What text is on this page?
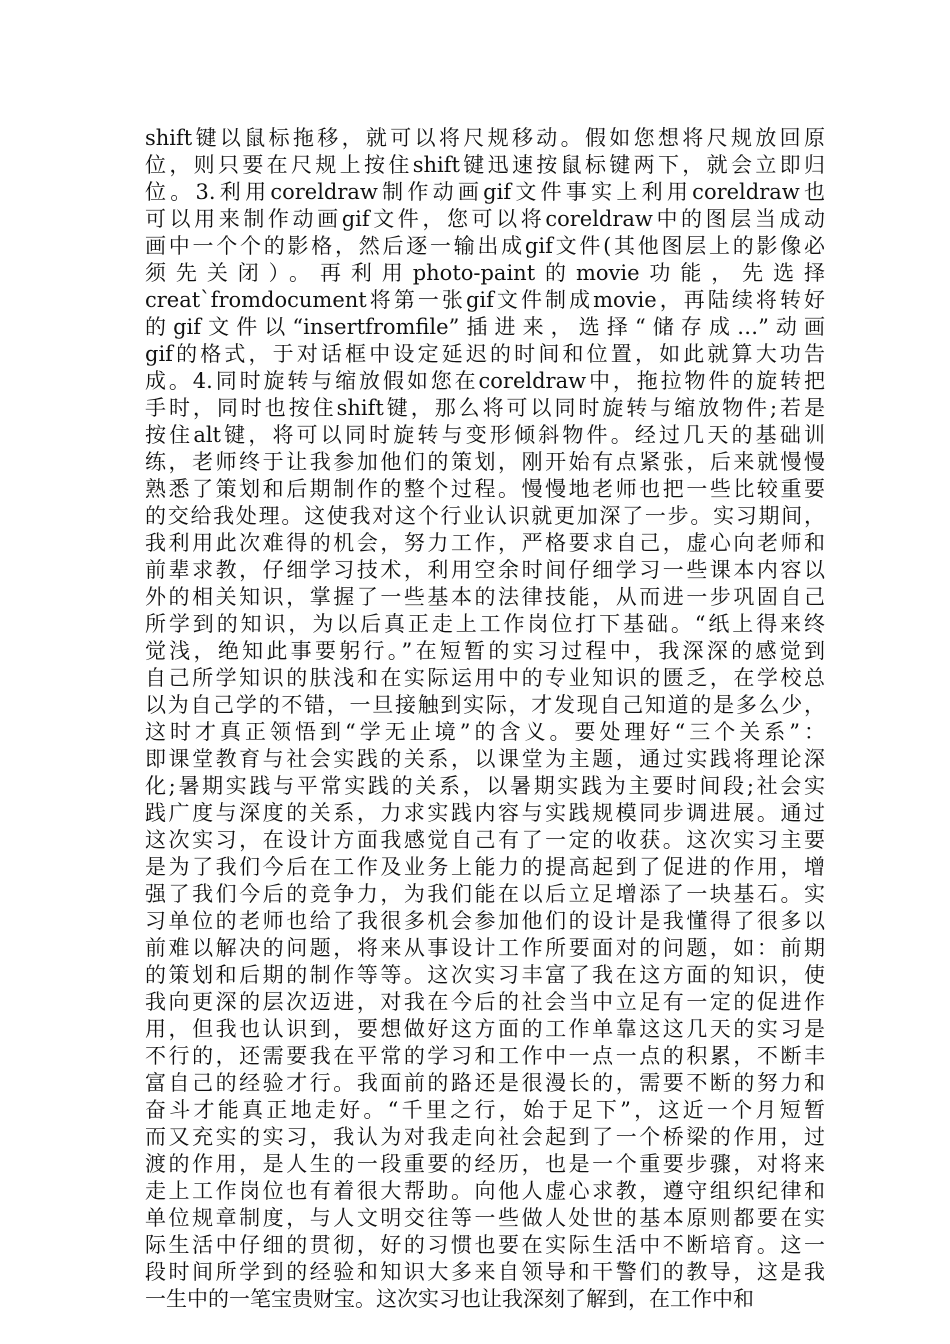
shift键以鼠标拖移，就可以将尺规移动。假如您想将尺规放回原
位，则只要在尺规上按住shift键迅速按鼠标键两下，就会立即归
位。3.利用coreldraw制作动画gif文件事实上利用coreldraw也
可以用来制作动画gif文件，您可以将coreldraw中的图层当成动
画中一个个的影格，然后逐一输出成gif文件(其他图层上的影像必
须先关闭）。再利用photo-paint的movie功能，先选择
creat`fromdocument将第一张gif文件制成movie，再陆续将转好
的gif文件以“insertfromfile”插进来，选择“储存成…”动画
gif的格式，于对话框中设定延迟的时间和位置，如此就算大功告
成。4.同时旋转与缩放假如您在coreldraw中，拖拉物件的旋转把
手时，同时也按住shift键，那么将可以同时旋转与缩放物件;若是
按住alt键，将可以同时旋转与变形倾斜物件。经过几天的基础训
练，老师终于让我参加他们的策划，刚开始有点紧张，后来就慢慢
熟悉了策划和后期制作的整个过程。慢慢地老师也把一些比较重要
的交给我处理。这使我对这个行业认识就更加深了一步。实习期间，
我利用此次难得的机会，努力工作，严格要求自己，虚心向老师和
前辈求教，仔细学习技术，利用空余时间仔细学习一些课本内容以
外的相关知识，掌握了一些基本的法律技能，从而进一步巩固自己
所学到的知识，为以后真正走上工作岗位打下基础。“纸上得来终
觉浅，绝知此事要躬行。”在短暂的实习过程中，我深深的感觉到
自己所学知识的肤浅和在实际运用中的专业知识的匮乏，在学校总
以为自己学的不错，一旦接触到实际，才发现自己知道的是多么少，
这时才真正领悟到“学无止境”的含义。要处理好“三个关系”：
即课堂教育与社会实践的关系，以课堂为主题，通过实践将理论深
化;暑期实践与平常实践的关系，以暑期实践为主要时间段;社会实
践广度与深度的关系，力求实践内容与实践规模同步调进展。通过
这次实习，在设计方面我感觉自己有了一定的收获。这次实习主要
是为了我们今后在工作及业务上能力的提高起到了促进的作用，增
强了我们今后的竞争力，为我们能在以后立足增添了一块基石。实
习单位的老师也给了我很多机会参加他们的设计是我懂得了很多以
前难以解决的问题，将来从事设计工作所要面对的问题，如：前期
的策划和后期的制作等等。这次实习丰富了我在这方面的知识，使
我向更深的层次迈进，对我在今后的社会当中立足有一定的促进作
用，但我也认识到，要想做好这方面的工作单靠这这几天的实习是
不行的，还需要我在平常的学习和工作中一点一点的积累，不断丰
富自己的经验才行。我面前的路还是很漫长的，需要不断的努力和
奋斗才能真正地走好。“千里之行，始于足下”，这近一个月短暂
而又充实的实习，我认为对我走向社会起到了一个桥梁的作用，过
渡的作用，是人生的一段重要的经历，也是一个重要步骤，对将来
走上工作岗位也有着很大帮助。向他人虚心求教，遵守组织纪律和
单位规章制度，与人文明交往等一些做人处世的基本原则都要在实
际生活中仔细的贯彻，好的习惯也要在实际生活中不断培育。这一
段时间所学到的经验和知识大多来自领导和干警们的教导，这是我
一生中的一笔宝贵财宝。这次实习也让我深刻了解到，在工作中和
